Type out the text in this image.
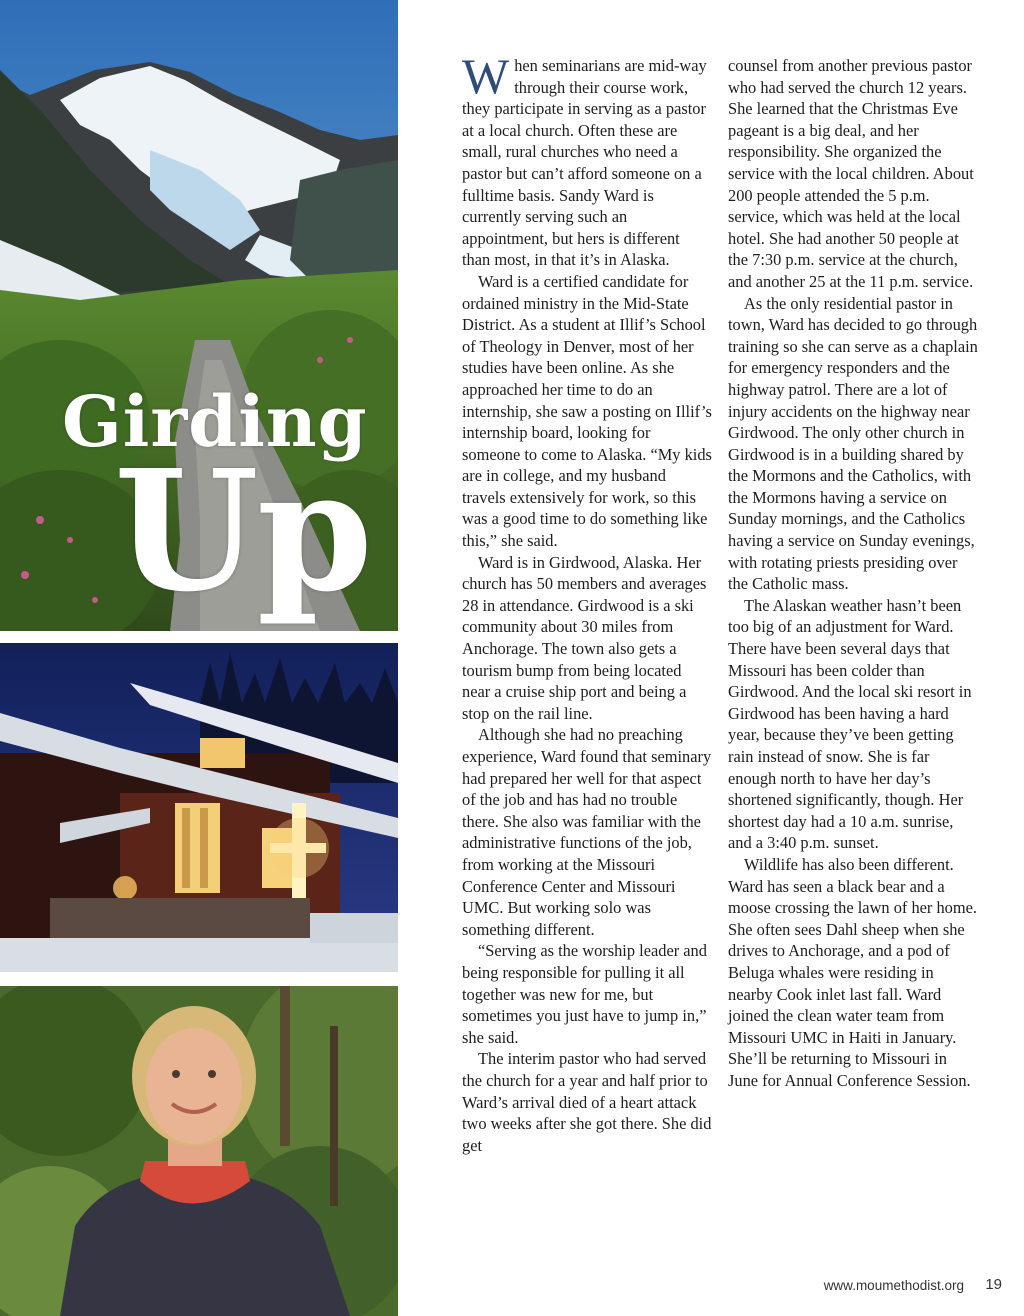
Girding
Up

When seminarians are mid-way through their course work, they participate in serving as a pastor at a local church. Often these are small, rural churches who need a pastor but can’t afford someone on a fulltime basis. Sandy Ward is currently serving such an appointment, but hers is different than most, in that it’s in Alaska.

Ward is a certified candidate for ordained ministry in the Mid-State District. As a student at Illif’s School of Theology in Denver, most of her studies have been online. As she approached her time to do an internship, she saw a posting on Illif’s internship board, looking for someone to come to Alaska. “My kids are in college, and my husband travels extensively for work, so this was a good time to do something like this,” she said.

Ward is in Girdwood, Alaska. Her church has 50 members and averages 28 in attendance. Girdwood is a ski community about 30 miles from Anchorage. The town also gets a tourism bump from being located near a cruise ship port and being a stop on the rail line.

Although she had no preaching experience, Ward found that seminary had prepared her well for that aspect of the job and has had no trouble there. She also was familiar with the administrative functions of the job, from working at the Missouri Conference Center and Missouri UMC. But working solo was something different.

“Serving as the worship leader and being responsible for pulling it all together was new for me, but sometimes you just have to jump in,” she said.

The interim pastor who had served the church for a year and half prior to Ward’s arrival died of a heart attack two weeks after she got there. She did get

counsel from another previous pastor who had served the church 12 years. She learned that the Christmas Eve pageant is a big deal, and her responsibility. She organized the service with the local children. About 200 people attended the 5 p.m. service, which was held at the local hotel. She had another 50 people at the 7:30 p.m. service at the church, and another 25 at the 11 p.m. service.

As the only residential pastor in town, Ward has decided to go through training so she can serve as a chaplain for emergency responders and the highway patrol. There are a lot of injury accidents on the highway near Girdwood. The only other church in Girdwood is in a building shared by the Mormons and the Catholics, with the Mormons having a service on Sunday mornings, and the Catholics having a service on Sunday evenings, with rotating priests presiding over the Catholic mass.

The Alaskan weather hasn’t been too big of an adjustment for Ward. There have been several days that Missouri has been colder than Girdwood. And the local ski resort in Girdwood has been having a hard year, because they’ve been getting rain instead of snow. She is far enough north to have her day’s shortened significantly, though. Her shortest day had a 10 a.m. sunrise, and a 3:40 p.m. sunset.

Wildlife has also been different. Ward has seen a black bear and a moose crossing the lawn of her home. She often sees Dahl sheep when she drives to Anchorage, and a pod of Beluga whales were residing in nearby Cook inlet last fall. Ward joined the clean water team from Missouri UMC in Haiti in January. She’ll be returning to Missouri in June for Annual Conference Session.

www.moumethodist.org 19
